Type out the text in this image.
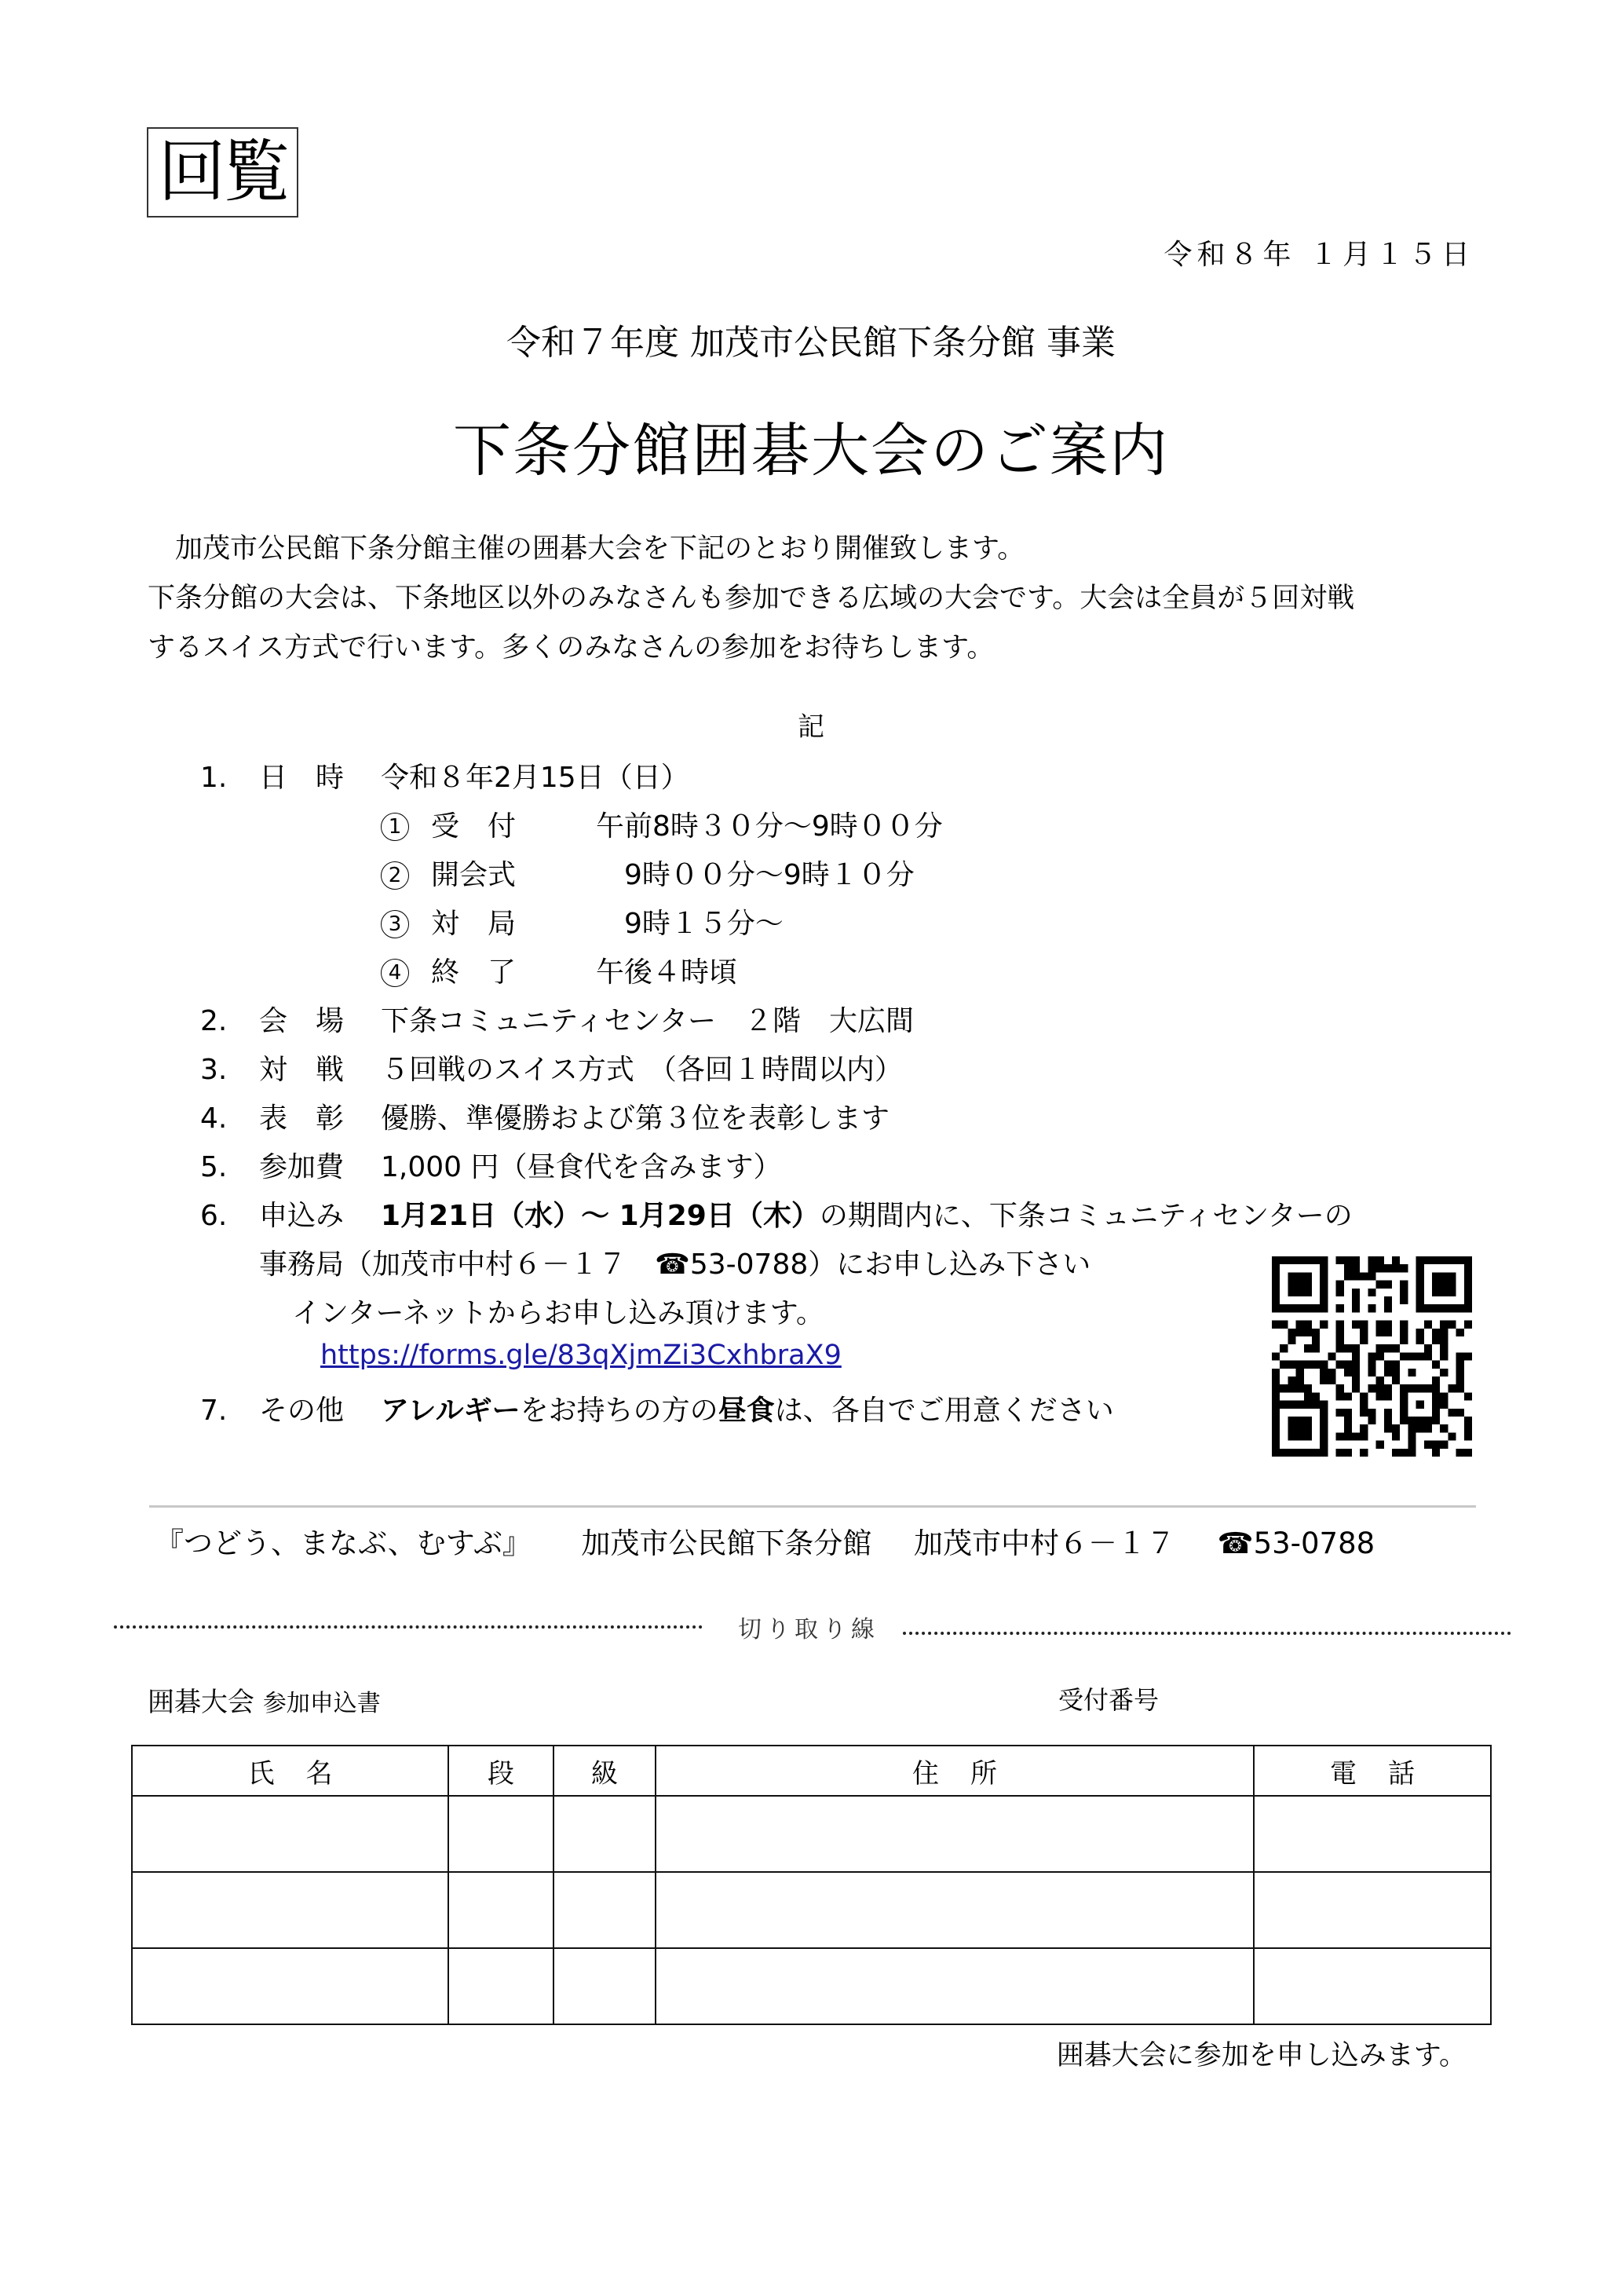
回覧
令和８年 １月１５日
令和７年度 加茂市公民館下条分館 事業
下条分館囲碁大会のご案内

　加茂市公民館下条分館主催の囲碁大会を下記のとおり開催致します。

下条分館の大会は、下条地区以外のみなさんも参加できる広域の大会です。大会は全員が５回対戦

するスイス方式で行います。多くのみなさんの参加をお待ちします。

記
1. 日　時 令和８年2月15日（日）
1 受　付	午前8時３０分～9時００分
2 開会式	　9時００分～9時１０分
3 対　局	　9時１５分～
4 終　了	午後４時頃
2. 会　場 下条コミュニティセンター　２階　大広間
3. 対　戦 ５回戦のスイス方式　（各回１時間以内）
4. 表　彰 優勝、準優勝および第３位を表彰します
5. 参加費 1,000 円（昼食代を含みます）
6. 申込み 1月21日（水）～ 1月29日（木）の期間内に、下条コミュニティセンターの
事務局（加茂市中村６－１７　☎53-0788）にお申し込み下さい
インターネットからお申し込み頂けます。
https://forms.gle/83qXjmZi3CxhbraX9
7. その他 アレルギーをお持ちの方の昼食は、各自でご用意ください
『つどう、まなぶ、むすぶ』 加茂市公民館下条分館 加茂市中村６－１７ ☎53-0788
切り取り線
囲碁大会 参加申込書	受付番号
氏名	段	級	住所	電話

囲碁大会に参加を申し込みます。
